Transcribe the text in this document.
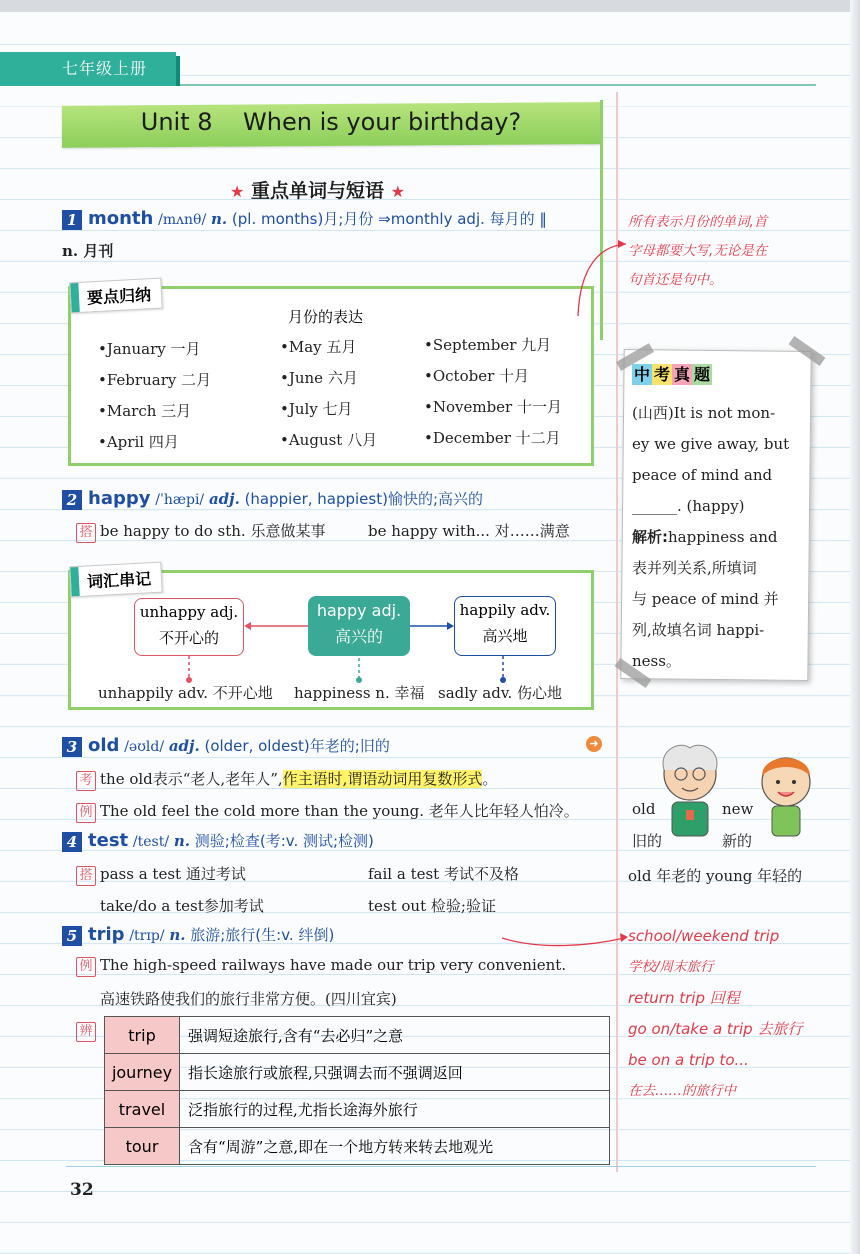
七年级上册
Unit 8    When is your birthday?
★ 重点单词与短语 ★
1 month /mʌnθ/ n. (pl. months)月;月份 ⇒monthly adj. 每月的 ‖
n. 月刊
要点归纳
月份的表达
•January 一月
•February 二月
•March 三月
•April 四月
•May 五月
•June 六月
•July 七月
•August 八月
•September 九月
•October 十月
•November 十一月
•December 十二月
2 happy /ˈhæpi/ adj. (happier, happiest)愉快的;高兴的
搭 be happy to do sth. 乐意做某事	be happy with... 对……满意
词汇串记
unhappy adj.
不开心的
happy adj.
高兴的
happily adv.
高兴地
unhappily adv. 不开心地 happiness n. 幸福 sadly adv. 伤心地
3 old /əʊld/ adj. (older, oldest)年老的;旧的	➜
考 the old表示“老人,老年人”,作主语时,谓语动词用复数形式。
例 The old feel the cold more than the young. 老年人比年轻人怕冷。
4 test /test/ n. 测验;检查(考:v. 测试;检测)
搭 pass a test 通过考试	fail a test 考试不及格
take/do a test参加考试	test out 检验;验证
5 trip /trɪp/ n. 旅游;旅行(生:v. 绊倒)
例 The high-speed railways have made our trip very convenient.
高速铁路使我们的旅行非常方便。(四川宜宾)
辨	trip	强调短途旅行,含有“去必归”之意
journey	指长途旅行或旅程,只强调去而不强调返回
travel	泛指旅行的过程,尤指长途海外旅行
tour	含有“周游”之意,即在一个地方转来转去地观光
所有表示月份的单词,首
字母都要大写,无论是在
句首还是句中。
中 考 真 题
(山西)It is not mon-
ey we give away, but
peace of mind and
______. (happy)
解析:happiness and
表并列关系,所填词
与 peace of mind 并
列,故填名词 happi-
ness。
old
旧的
new
新的
old 年老的 young 年轻的
school/weekend trip
学校/周末旅行
return trip 回程
go on/take a trip 去旅行
be on a trip to...
在去……的旅行中
32
